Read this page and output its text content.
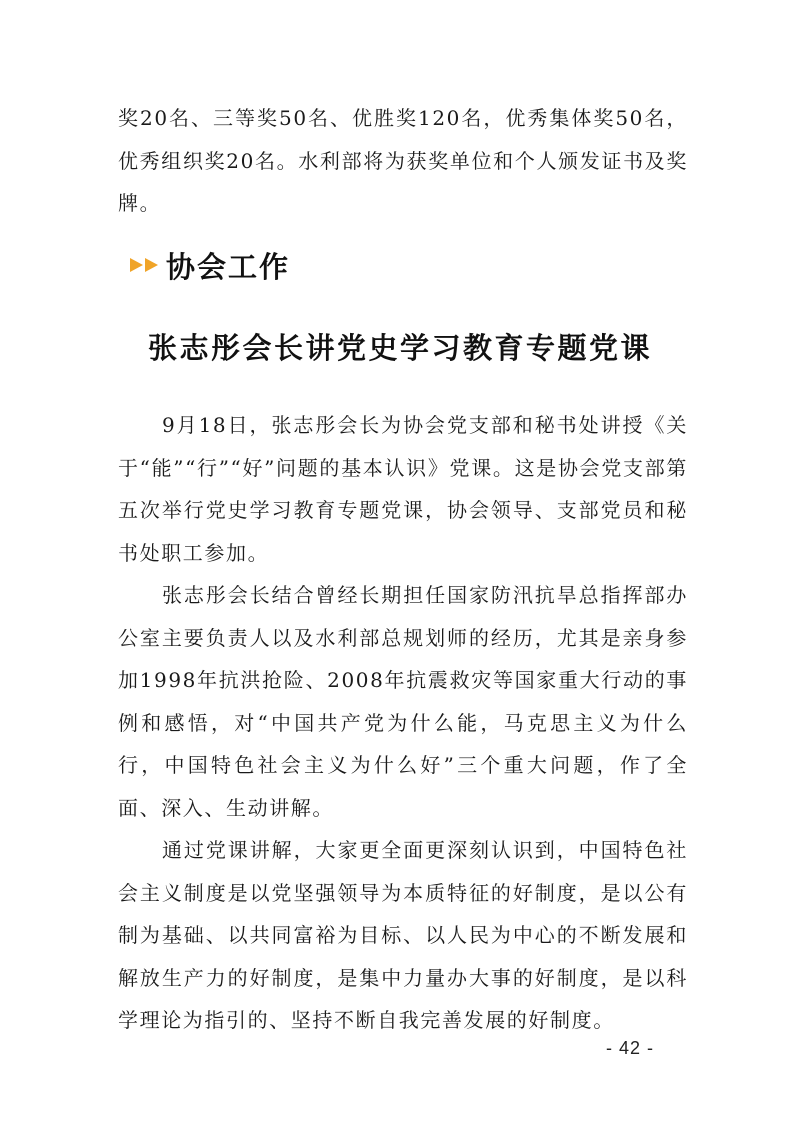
奖20名、三等奖50名、优胜奖120名，优秀集体奖50名，优秀组织奖20名。水利部将为获奖单位和个人颁发证书及奖牌。

协会工作
张志彤会长讲党史学习教育专题党课

9月18日，张志彤会长为协会党支部和秘书处讲授《关于“能”“行”“好”问题的基本认识》党课。这是协会党支部第五次举行党史学习教育专题党课，协会领导、支部党员和秘书处职工参加。

张志彤会长结合曾经长期担任国家防汛抗旱总指挥部办公室主要负责人以及水利部总规划师的经历，尤其是亲身参加1998年抗洪抢险、2008年抗震救灾等国家重大行动的事例和感悟，对“中国共产党为什么能，马克思主义为什么行，中国特色社会主义为什么好”三个重大问题，作了全面、深入、生动讲解。

通过党课讲解，大家更全面更深刻认识到，中国特色社会主义制度是以党坚强领导为本质特征的好制度，是以公有制为基础、以共同富裕为目标、以人民为中心的不断发展和解放生产力的好制度，是集中力量办大事的好制度，是以科学理论为指引的、坚持不断自我完善发展的好制度。

- 42 -
